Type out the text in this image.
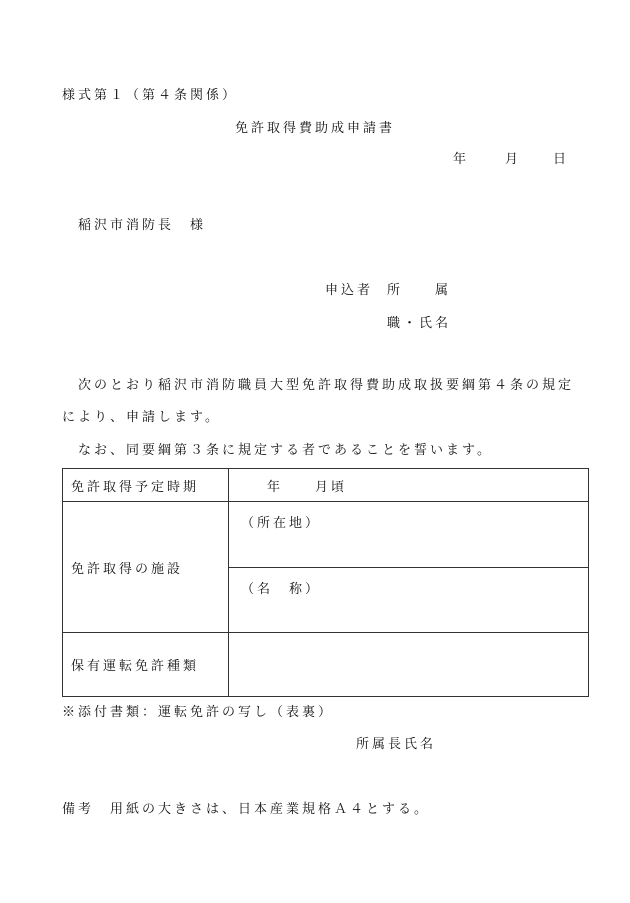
様式第１（第４条関係）
免許取得費助成申請書
年	月 日
稲沢市消防長　様
申込者 所　　属
職・氏名
次のとおり稲沢市消防職員大型免許取得費助成取扱要綱第４条の規定
により、申請します。
なお、同要綱第３条に規定する者であることを誓います。
免許取得予定時期	年　　月頃
免許取得の施設	（所在地）
	（名　称）
保有運転免許種類	
※添付書類：運転免許の写し（表裏）
所属長氏名
備考　用紙の大きさは、日本産業規格Ａ４とする。
